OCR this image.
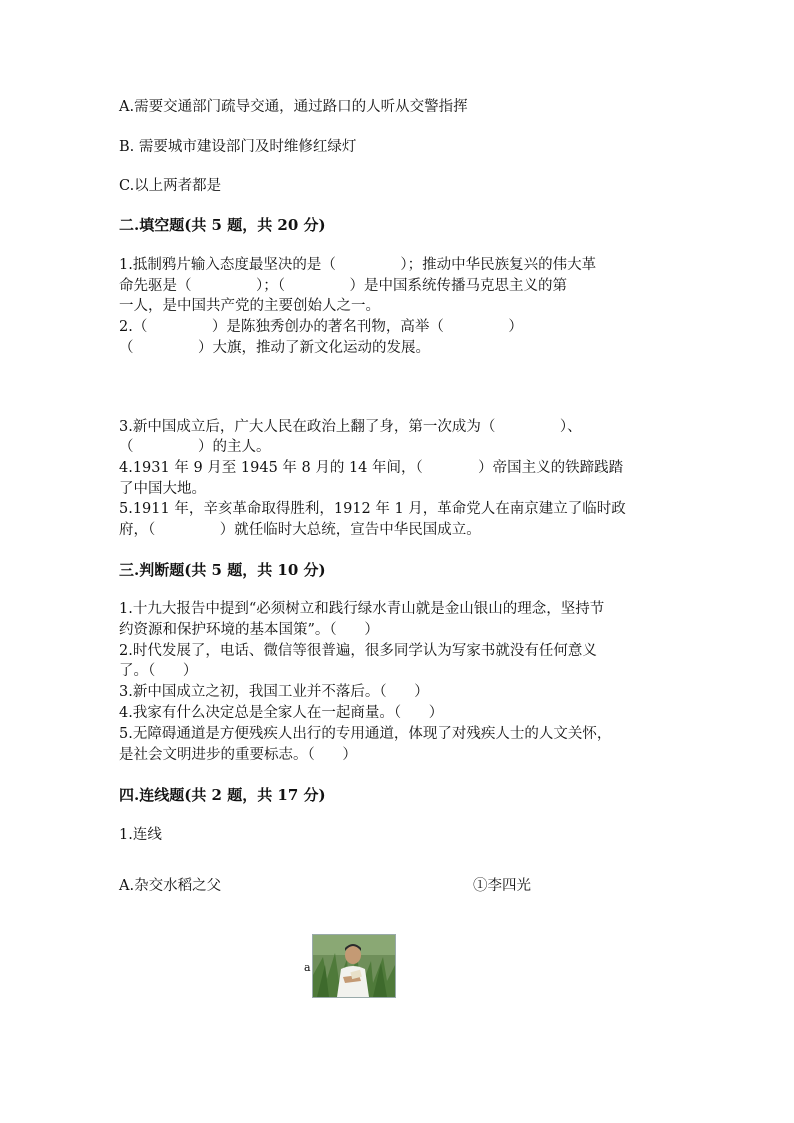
A.需要交通部门疏导交通，通过路口的人听从交警指挥
B. 需要城市建设部门及时维修红绿灯
C.以上两者都是
二.填空题(共 5 题，共 20 分)
1.抵制鸦片输入态度最坚决的是（              ）；推动中华民族复兴的伟大革
命先驱是（              ）；（              ）是中国系统传播马克思主义的第
一人，是中国共产党的主要创始人之一。
2.（              ）是陈独秀创办的著名刊物，高举（              ）
（              ）大旗，推动了新文化运动的发展。
3.新中国成立后，广大人民在政治上翻了身，第一次成为（              ）、
（              ）的主人。
4.1931 年 9 月至 1945 年 8 月的 14 年间，（            ）帝国主义的铁蹄践踏
了中国大地。
5.1911 年，辛亥革命取得胜利，1912 年 1 月，革命党人在南京建立了临时政
府，（              ）就任临时大总统，宣告中华民国成立。
三.判断题(共 5 题，共 10 分)
1.十九大报告中提到“必须树立和践行绿水青山就是金山银山的理念，坚持节
约资源和保护环境的基本国策”。（      ）
2.时代发展了，电话、微信等很普遍，很多同学认为写家书就没有任何意义
了。（      ）
3.新中国成立之初，我国工业并不落后。（      ）
4.我家有什么决定总是全家人在一起商量。（      ）
5.无障碍通道是方便残疾人出行的专用通道，体现了对残疾人士的人文关怀，
是社会文明进步的重要标志。（      ）
四.连线题(共 2 题，共 17 分)
1.连线
A.杂交水稻之父	①李四光
a
